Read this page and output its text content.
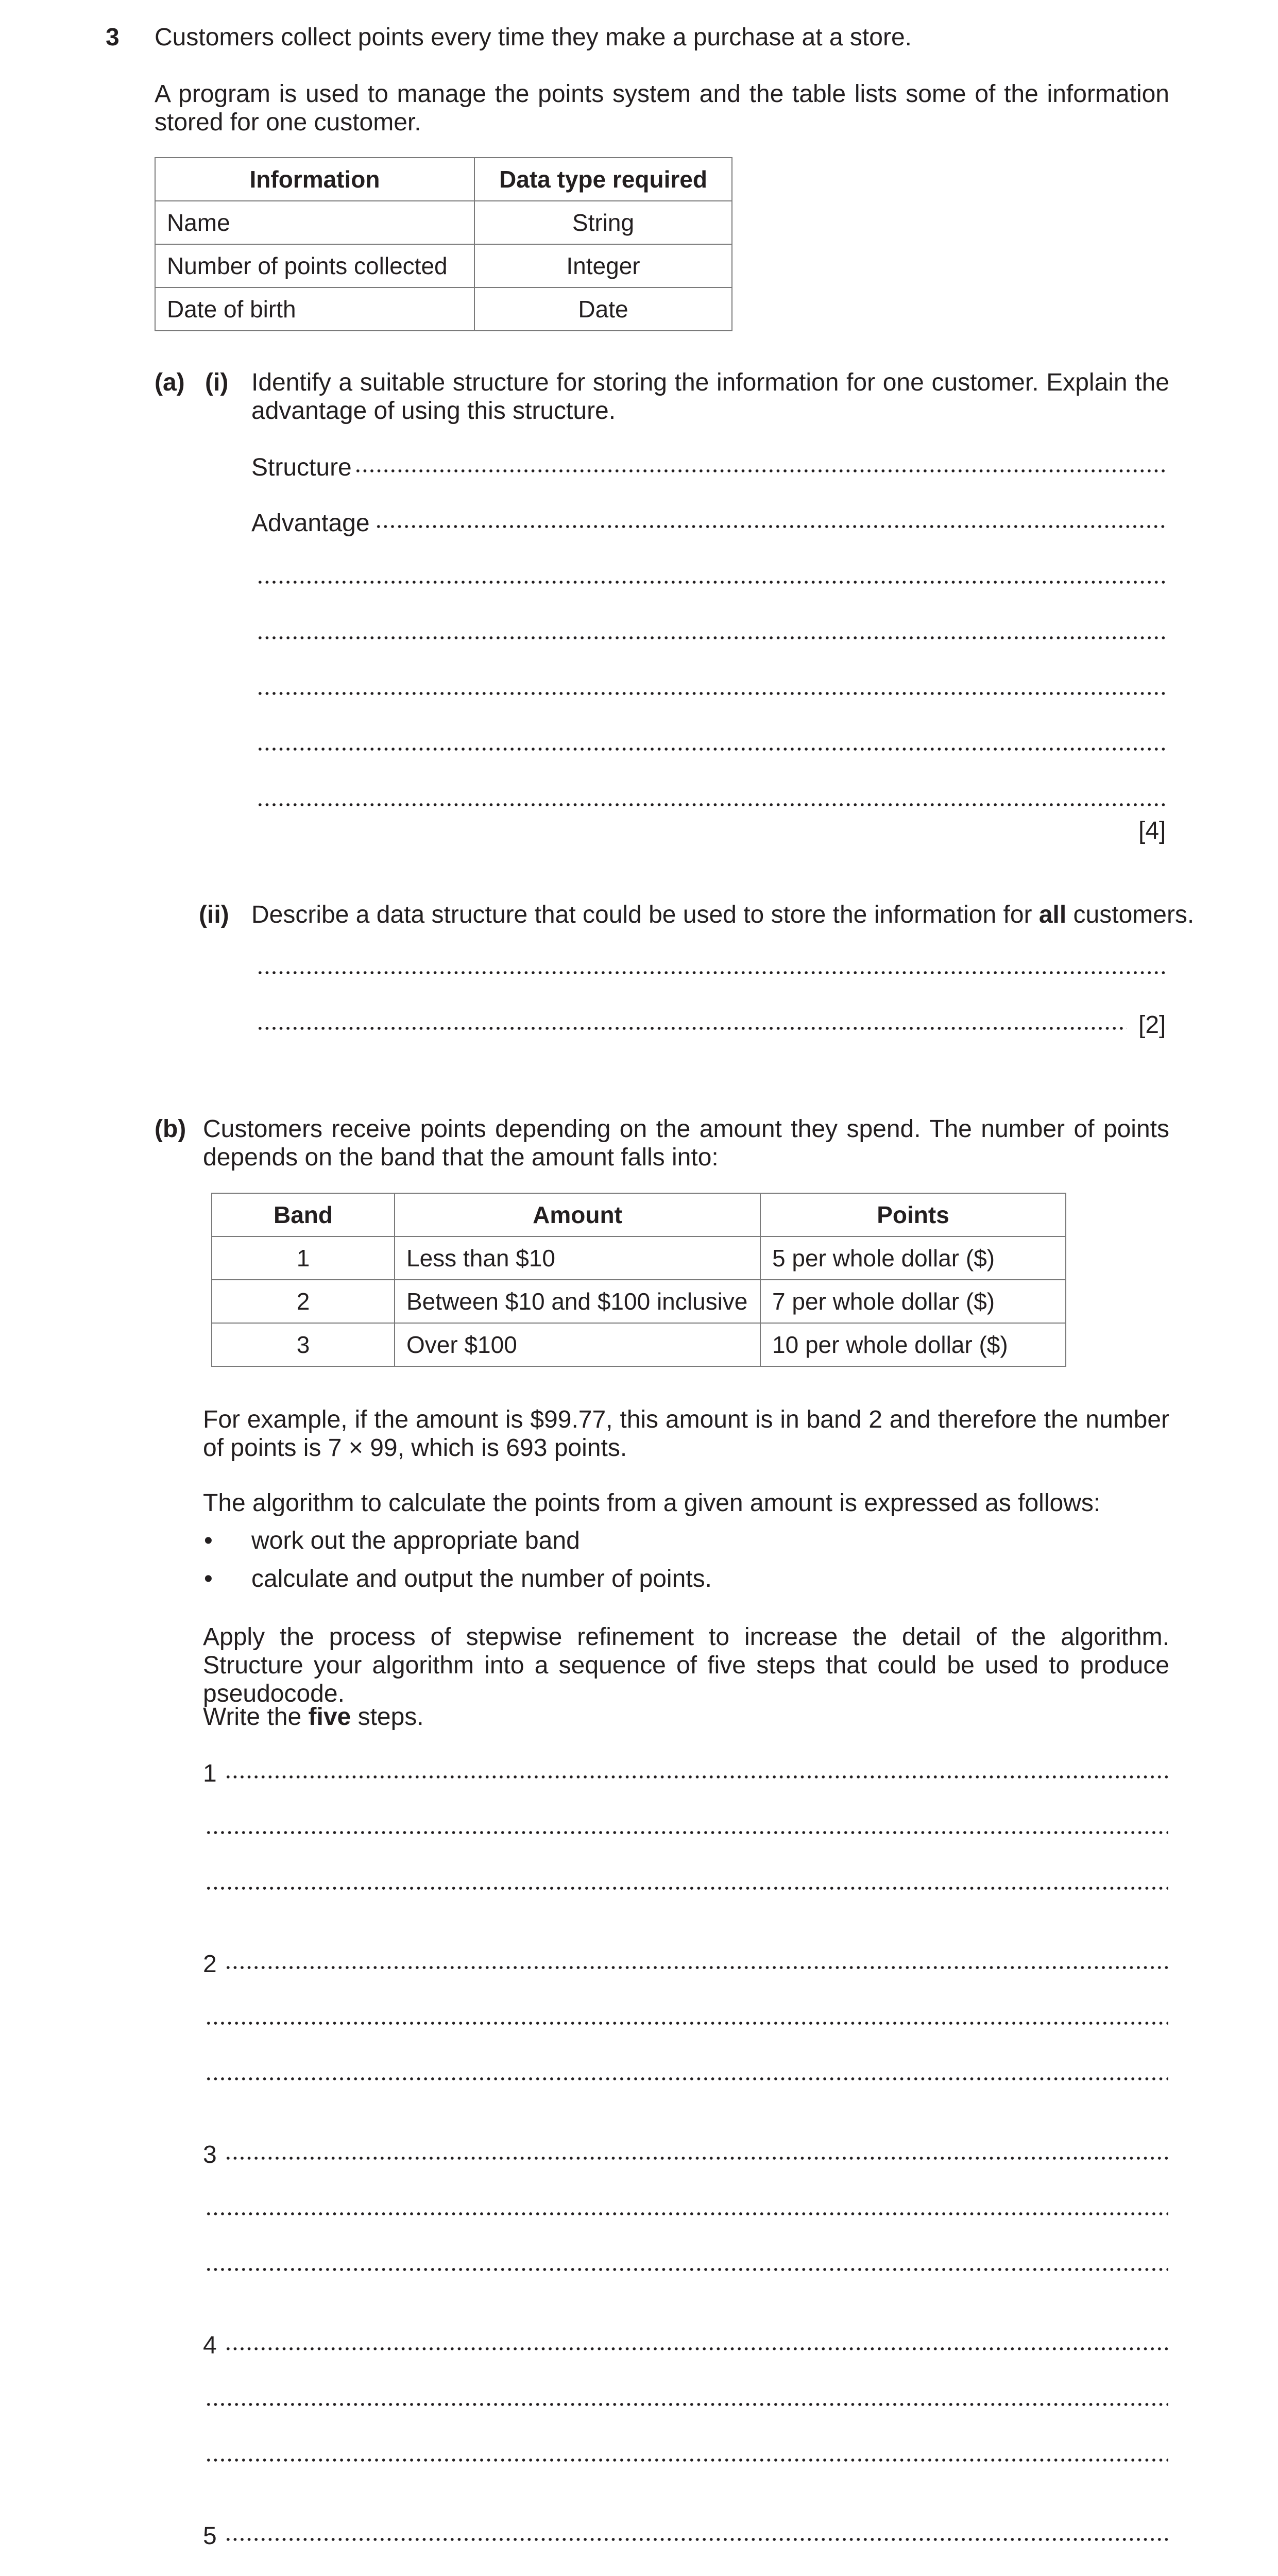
3 Customers collect points every time they make a purchase at a store.
A program is used to manage the points system and the table lists some of the information stored for one customer.
Information	Data type required
Name	String
Number of points collected	Integer
Date of birth	Date
(a) (i) Identify a suitable structure for storing the information for one customer. Explain the advantage of using this structure.
Structure
Advantage
[4]
(ii) Describe a data structure that could be used to store the information for all customers.
[2]
(b) Customers receive points depending on the amount they spend. The number of points depends on the band that the amount falls into:
Band	Amount	Points
1	Less than $10	5 per whole dollar ($)
2	Between $10 and $100 inclusive	7 per whole dollar ($)
3	Over $100	10 per whole dollar ($)
For example, if the amount is $99.77, this amount is in band 2 and therefore the number of points is 7 × 99, which is 693 points.
The algorithm to calculate the points from a given amount is expressed as follows:
• work out the appropriate band
• calculate and output the number of points.
Apply the process of stepwise refinement to increase the detail of the algorithm. Structure your algorithm into a sequence of five steps that could be used to produce pseudocode.
Write the five steps.
1
2
3
4
5
